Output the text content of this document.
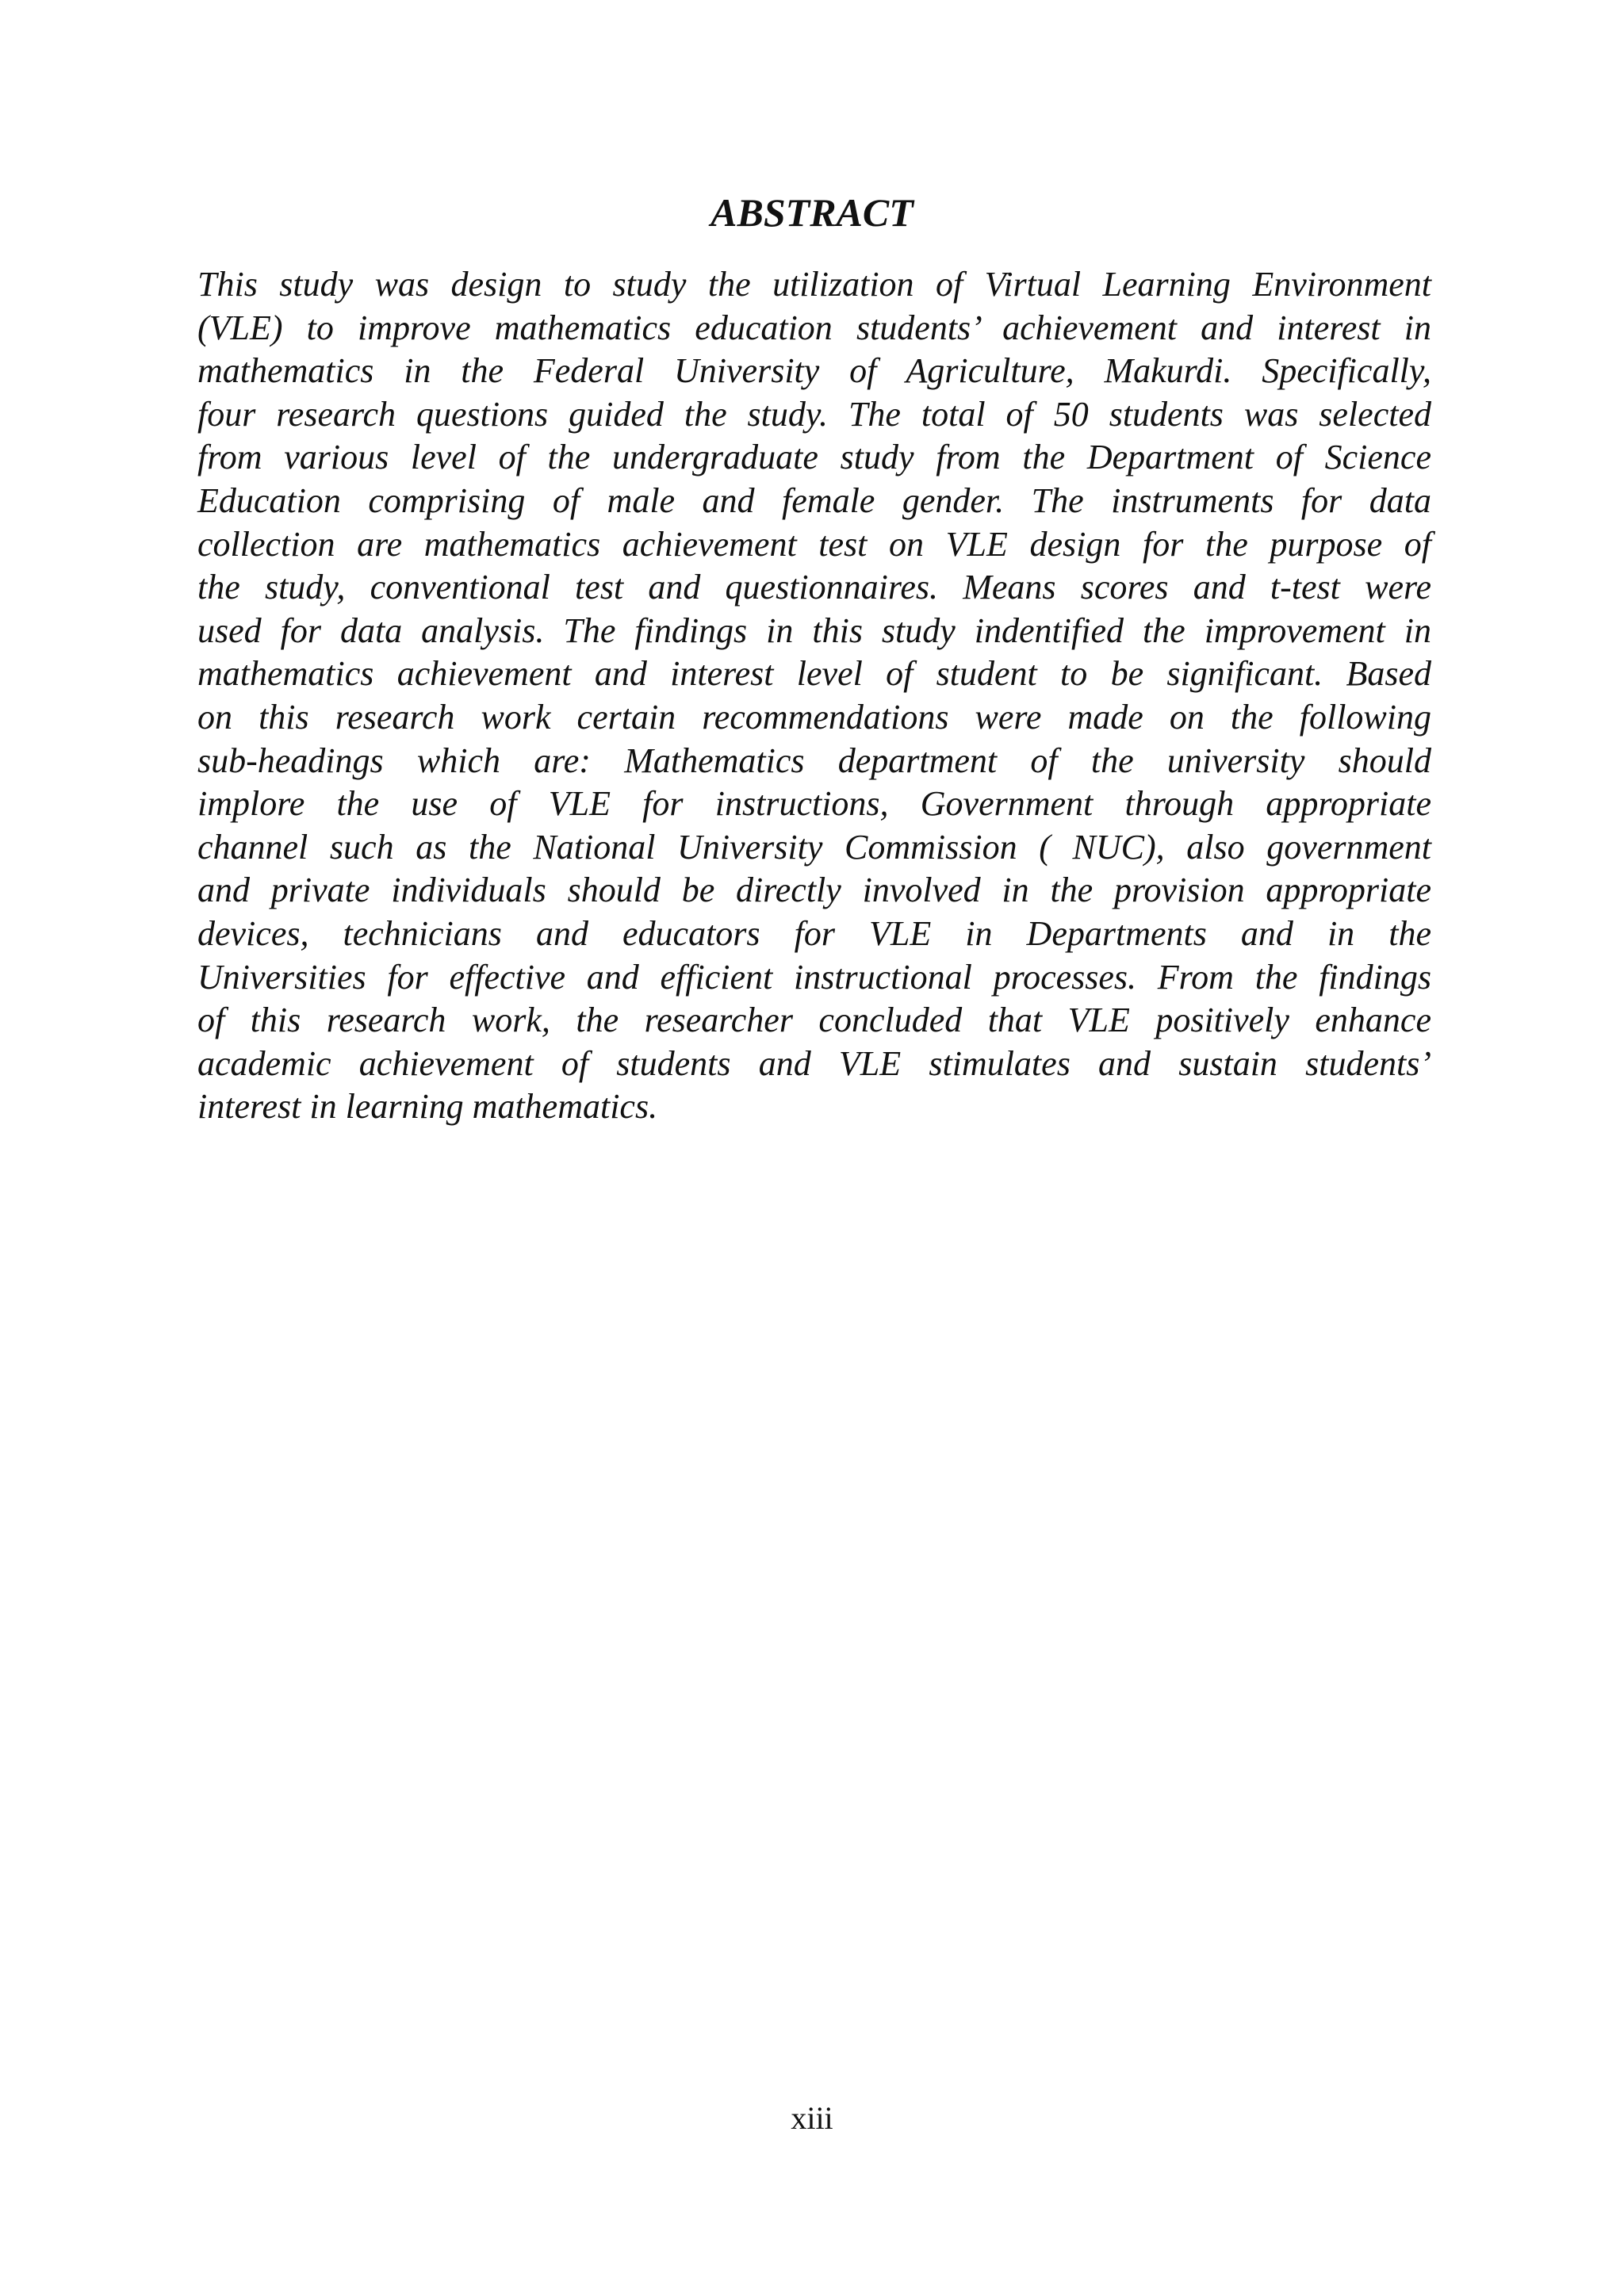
ABSTRACT
This study was design to study the utilization of Virtual Learning Environment
(VLE) to improve mathematics education students’ achievement and interest in
mathematics in the Federal University of Agriculture, Makurdi. Specifically,
four research questions guided the study. The total of 50 students was selected
from various level of the undergraduate study from the Department of Science
Education comprising of male and female gender. The instruments for data
collection are mathematics achievement test on VLE design for the purpose of
the study, conventional test and questionnaires. Means scores and t-test were
used for data analysis. The findings in this study indentified the improvement in
mathematics achievement and interest level of student to be significant. Based
on this research work certain recommendations were made on the following
sub-headings which are: Mathematics department of the university should
implore the use of VLE for instructions, Government through appropriate
channel such as the National University Commission ( NUC), also government
and private individuals should be directly involved in the provision appropriate
devices, technicians and educators for VLE in Departments and in the
Universities for effective and efficient instructional processes. From the findings
of this research work, the researcher concluded that VLE positively enhance
academic achievement of students and VLE stimulates and sustain students’
interest in learning mathematics.
xiii
